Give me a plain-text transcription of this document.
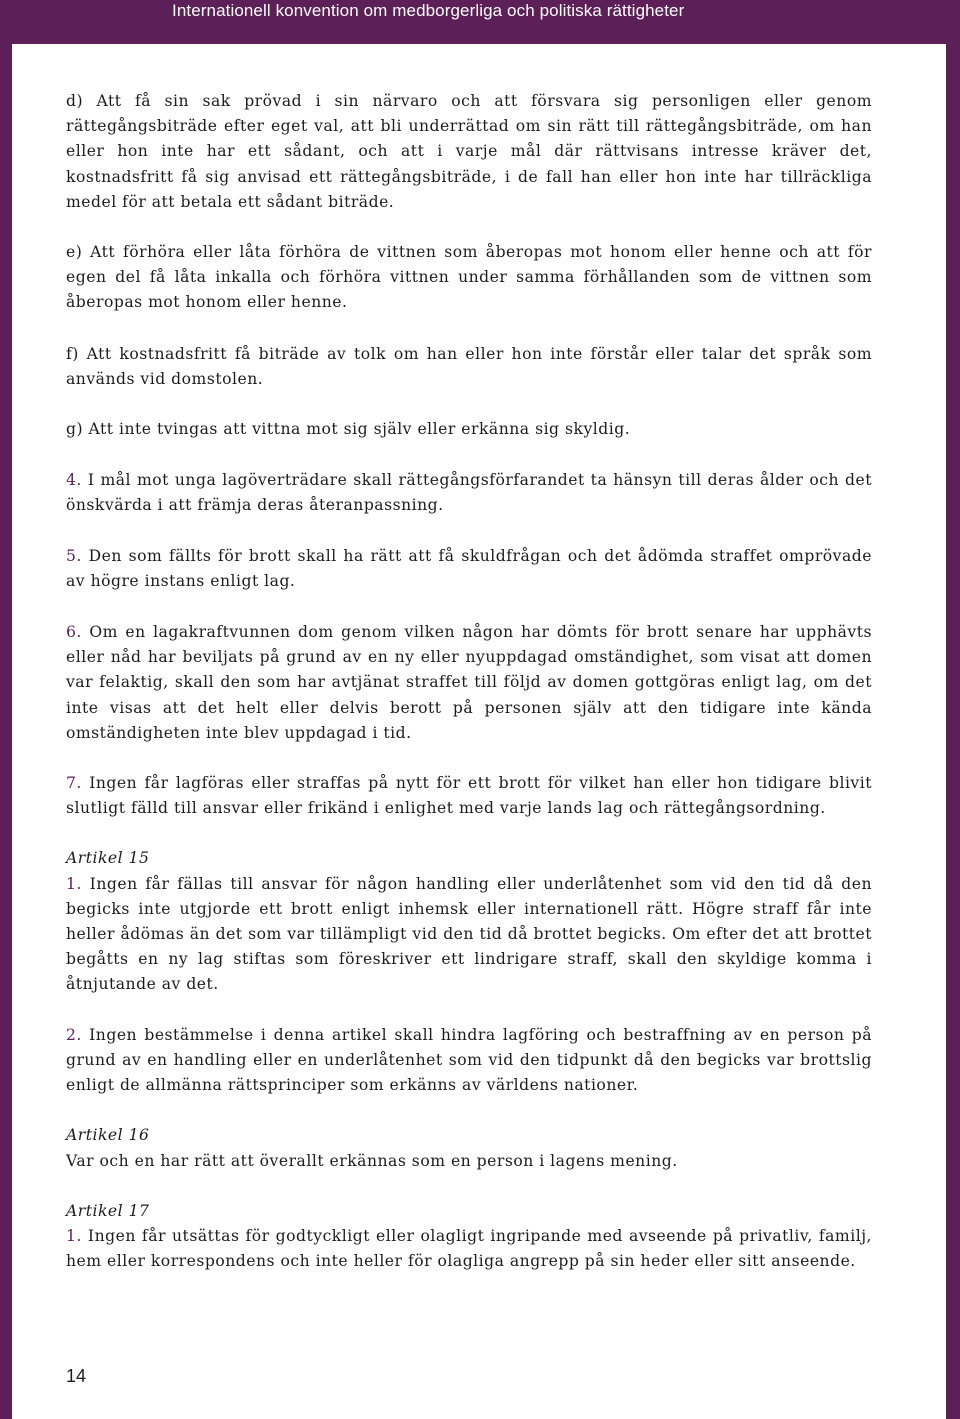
Internationell konvention om medborgerliga och politiska rättigheter

d) Att få sin sak prövad i sin närvaro och att försvara sig personligen eller genom rättegångsbiträde efter eget val, att bli underrättad om sin rätt till rättegångsbiträde, om han eller hon inte har ett sådant, och att i varje mål där rättvisans intresse kräver det, kostnadsfritt få sig anvisad ett rättegångsbiträde, i de fall han eller hon inte har tillräckliga medel för att betala ett sådant biträde.

e) Att förhöra eller låta förhöra de vittnen som åberopas mot honom eller henne och att för egen del få låta inkalla och förhöra vittnen under samma förhållanden som de vittnen som åberopas mot honom eller henne.

f) Att kostnadsfritt få biträde av tolk om han eller hon inte förstår eller talar det språk som används vid domstolen.

g) Att inte tvingas att vittna mot sig själv eller erkänna sig skyldig.

4. I mål mot unga lagöverträdare skall rättegångsförfarandet ta hänsyn till deras ålder och det önskvärda i att främja deras återanpassning.

5. Den som fällts för brott skall ha rätt att få skuldfrågan och det ådömda straffet omprövade av högre instans enligt lag.

6. Om en lagakraftvunnen dom genom vilken någon har dömts för brott senare har upphävts eller nåd har beviljats på grund av en ny eller nyuppdagad omständighet, som visat att domen var felaktig, skall den som har avtjänat straffet till följd av domen gottgöras enligt lag, om det inte visas att det helt eller delvis berott på personen själv att den tidigare inte kända omständigheten inte blev uppdagad i tid.

7. Ingen får lagföras eller straffas på nytt för ett brott för vilket han eller hon tidigare blivit slutligt fälld till ansvar eller frikänd i enlighet med varje lands lag och rättegångsordning.

Artikel 15

1. Ingen får fällas till ansvar för någon handling eller underlåtenhet som vid den tid då den begicks inte utgjorde ett brott enligt inhemsk eller internationell rätt. Högre straff får inte heller ådömas än det som var tillämpligt vid den tid då brottet begicks. Om efter det att brottet begåtts en ny lag stiftas som föreskriver ett lindrigare straff, skall den skyldige komma i åtnjutande av det.

2. Ingen bestämmelse i denna artikel skall hindra lagföring och bestraffning av en person på grund av en handling eller en underlåtenhet som vid den tidpunkt då den begicks var brottslig enligt de allmänna rättsprinciper som erkänns av världens nationer.

Artikel 16

Var och en har rätt att överallt erkännas som en person i lagens mening.

Artikel 17

1. Ingen får utsättas för godtyckligt eller olagligt ingripande med avseende på privatliv, familj, hem eller korrespondens och inte heller för olagliga angrepp på sin heder eller sitt anseende.

14
